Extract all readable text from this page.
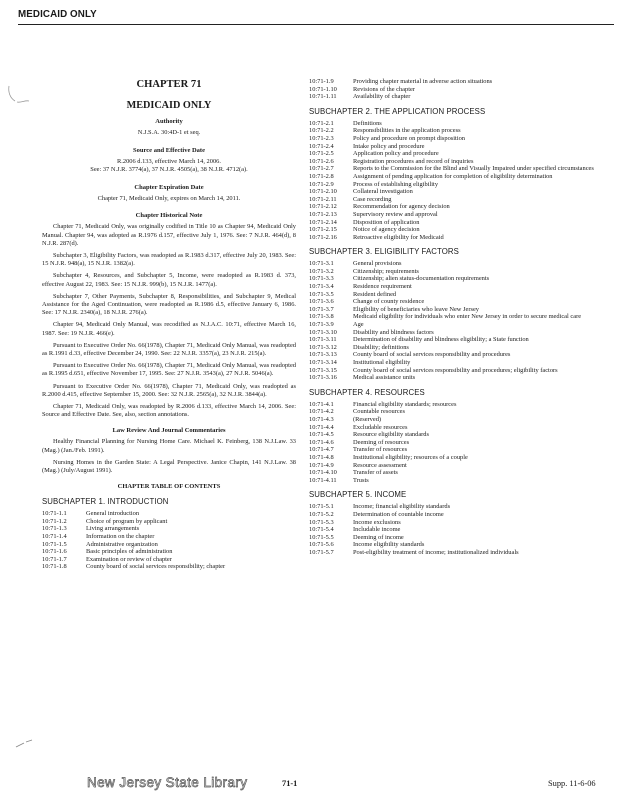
MEDICAID ONLY
CHAPTER 71
MEDICAID ONLY
Authority

N.J.S.A. 30:4D-1 et seq.

Source and Effective Date

R.2006 d.133, effective March 14, 2006.

See: 37 N.J.R. 3774(a), 37 N.J.R. 4505(a), 38 N.J.R. 4712(a).

Chapter Expiration Date

Chapter 71, Medicaid Only, expires on March 14, 2011.

Chapter Historical Note

Chapter 71, Medicaid Only, was originally codified in Title 10 as Chapter 94, Medicaid Only Manual. Chapter 94, was adopted as R.1976 d.157, effective July 1, 1976. See: 7 N.J.R. 464(d), 8 N.J.R. 287(d).

Subchapter 3, Eligibility Factors, was readopted as R.1983 d.317, effective July 20, 1983. See: 15 N.J.R. 948(a), 15 N.J.R. 1382(a).

Subchapter 4, Resources, and Subchapter 5, Income, were readopted as R.1983 d. 373, effective August 22, 1983. See: 15 N.J.R. 999(b), 15 N.J.R. 1477(a).

Subchapter 7, Other Payments, Subchapter 8, Responsibilities, and Subchapter 9, Medical Assistance for the Aged Continuation, were readopted as R.1986 d.5, effective January 6, 1986. See: 17 N.J.R. 2340(a), 18 N.J.R. 276(a).

Chapter 94, Medicaid Only Manual, was recodified as N.J.A.C. 10:71, effective March 16, 1987. See: 19 N.J.R. 466(e).

Pursuant to Executive Order No. 66(1978), Chapter 71, Medicaid Only Manual, was readopted as R.1991 d.33, effective December 24, 1990. See: 22 N.J.R. 3357(a), 23 N.J.R. 215(a).

Pursuant to Executive Order No. 66(1978), Chapter 71, Medicaid Only Manual, was readopted as R.1995 d.651, effective November 17, 1995. See: 27 N.J.R. 3543(a), 27 N.J.R. 5046(a).

Pursuant to Executive Order No. 66(1978), Chapter 71, Medicaid Only, was readopted as R.2000 d.415, effective September 15, 2000. See: 32 N.J.R. 2565(a), 32 N.J.R. 3844(a).

Chapter 71, Medicaid Only, was readopted by R.2006 d.133, effective March 14, 2006. See: Source and Effective Date. See, also, section annotations.

Law Review And Journal Commentaries

Healthy Financial Planning for Nursing Home Care. Michael K. Feinberg, 138 N.J.Law. 33 (Mag.) (Jan./Feb. 1991).

Nursing Homes in the Garden State: A Legal Perspective. Janice Chapin, 141 N.J.Law. 38 (Mag.) (July/August 1991).

CHAPTER TABLE OF CONTENTS
SUBCHAPTER 1. INTRODUCTION
10:71-1.1	General introduction
10:71-1.2	Choice of program by applicant
10:71-1.3	Living arrangements
10:71-1.4	Information on the chapter
10:71-1.5	Administrative organization
10:71-1.6	Basic principles of administration
10:71-1.7	Examination or review of chapter
10:71-1.8	County board of social services responsibility; chapter
10:71-1.9	Providing chapter material in adverse action situations
10:71-1.10	Revisions of the chapter
10:71-1.11	Availability of chapter
SUBCHAPTER 2. THE APPLICATION PROCESS
10:71-2.1	Definitions
10:71-2.2	Responsibilities in the application process
10:71-2.3	Policy and procedure on prompt disposition
10:71-2.4	Intake policy and procedure
10:71-2.5	Application policy and procedure
10:71-2.6	Registration procedures and record of inquiries
10:71-2.7	Reports to the Commission for the Blind and Visually Impaired under specified circumstances
10:71-2.8	Assignment of pending application for completion of eligibility determination
10:71-2.9	Process of establishing eligibility
10:71-2.10	Collateral investigation
10:71-2.11	Case recording
10:71-2.12	Recommendation for agency decision
10:71-2.13	Supervisory review and approval
10:71-2.14	Disposition of application
10:71-2.15	Notice of agency decision
10:71-2.16	Retroactive eligibility for Medicaid
SUBCHAPTER 3. ELIGIBILITY FACTORS
10:71-3.1	General provisions
10:71-3.2	Citizenship; requirements
10:71-3.3	Citizenship; alien status-documentation requirements
10:71-3.4	Residence requirement
10:71-3.5	Resident defined
10:71-3.6	Change of county residence
10:71-3.7	Eligibility of beneficiaries who leave New Jersey
10:71-3.8	Medicaid eligibility for individuals who enter New Jersey in order to secure medical care
10:71-3.9	Age
10:71-3.10	Disability and blindness factors
10:71-3.11	Determination of disability and blindness eligibility; a State function
10:71-3.12	Disability; definitions
10:71-3.13	County board of social services responsibility and procedures
10:71-3.14	Institutional eligibility
10:71-3.15	County board of social services responsibility and procedures; eligibility factors
10:71-3.16	Medical assistance units
SUBCHAPTER 4. RESOURCES
10:71-4.1	Financial eligibility standards; resources
10:71-4.2	Countable resources
10:71-4.3	(Reserved)
10:71-4.4	Excludable resources
10:71-4.5	Resource eligibility standards
10:71-4.6	Deeming of resources
10:71-4.7	Transfer of resources
10:71-4.8	Institutional eligibility; resources of a couple
10:71-4.9	Resource assessment
10:71-4.10	Transfer of assets
10:71-4.11	Trusts
SUBCHAPTER 5. INCOME
10:71-5.1	Income; financial eligibility standards
10:71-5.2	Determination of countable income
10:71-5.3	Income exclusions
10:71-5.4	Includable income
10:71-5.5	Deeming of income
10:71-5.6	Income eligibility standards
10:71-5.7	Post-eligibility treatment of income; institutionalized individuals
New Jersey State Library	71-1	Supp. 11-6-06
